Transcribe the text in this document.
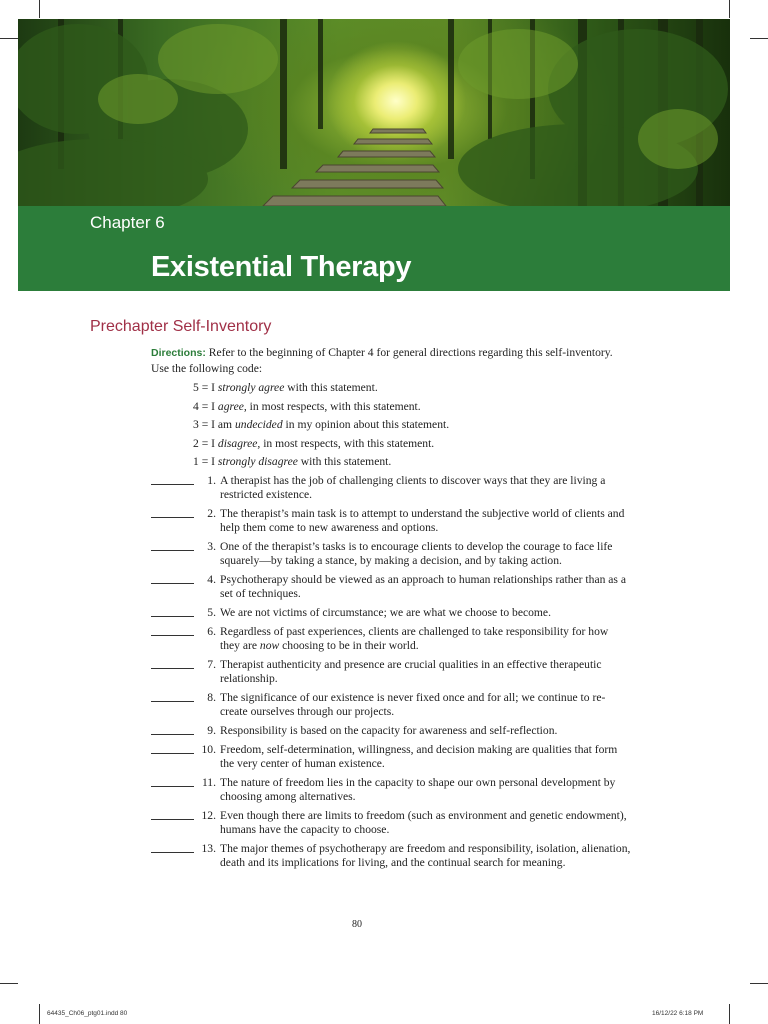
Chapter 6
Existential Therapy
Prechapter Self-Inventory
Directions: Refer to the beginning of Chapter 4 for general directions regarding this self-inventory. Use the following code:
5 = I strongly agree with this statement.
4 = I agree, in most respects, with this statement.
3 = I am undecided in my opinion about this statement.
2 = I disagree, in most respects, with this statement.
1 = I strongly disagree with this statement.
1. A therapist has the job of challenging clients to discover ways that they are living a restricted existence.
2. The therapist’s main task is to attempt to understand the subjective world of clients and help them come to new awareness and options.
3. One of the therapist’s tasks is to encourage clients to develop the courage to face life squarely—by taking a stance, by making a decision, and by taking action.
4. Psychotherapy should be viewed as an approach to human relationships rather than as a set of techniques.
5. We are not victims of circumstance; we are what we choose to become.
6. Regardless of past experiences, clients are challenged to take responsibility for how they are now choosing to be in their world.
7. Therapist authenticity and presence are crucial qualities in an effective therapeutic relationship.
8. The significance of our existence is never fixed once and for all; we continue to re-create ourselves through our projects.
9. Responsibility is based on the capacity for awareness and self-reflection.
10. Freedom, self-determination, willingness, and decision making are qualities that form the very center of human existence.
11. The nature of freedom lies in the capacity to shape our own personal development by choosing among alternatives.
12. Even though there are limits to freedom (such as environment and genetic endowment), humans have the capacity to choose.
13. The major themes of psychotherapy are freedom and responsibility, isolation, alienation, death and its implications for living, and the continual search for meaning.
80
64435_Ch06_ptg01.indd 80	16/12/22 6:18 PM
